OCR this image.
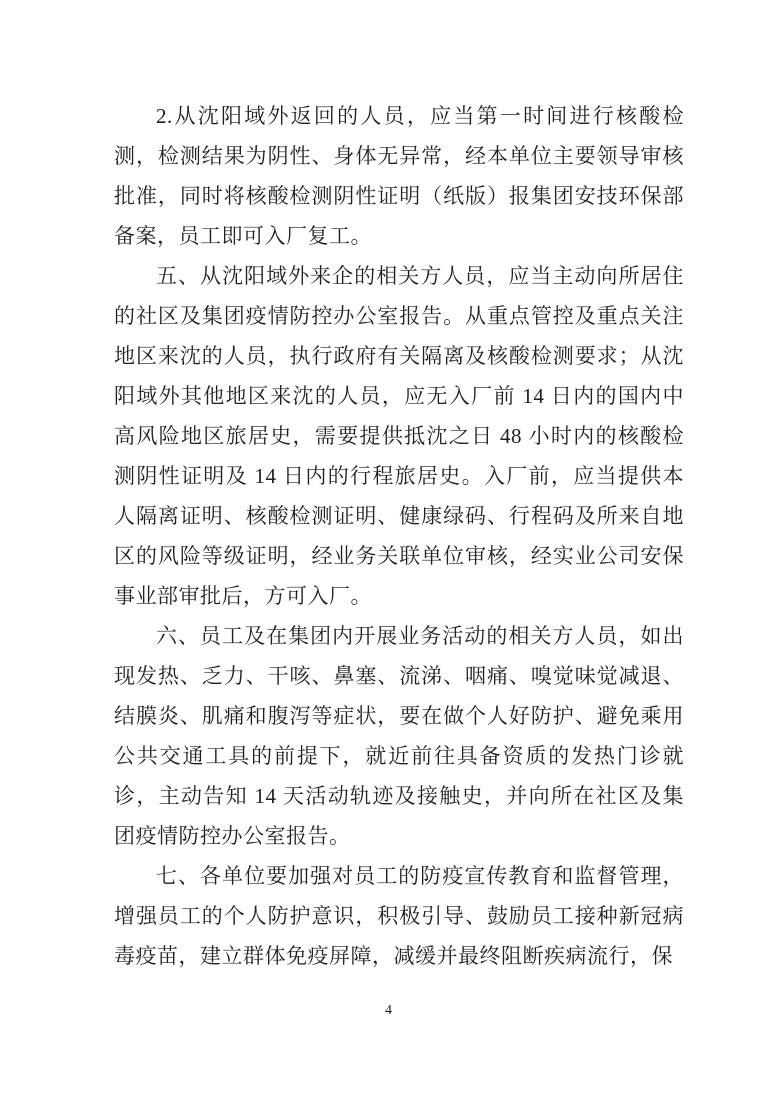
2.从沈阳域外返回的人员，应当第一时间进行核酸检测，检测结果为阴性、身体无异常，经本单位主要领导审核批准，同时将核酸检测阴性证明（纸版）报集团安技环保部备案，员工即可入厂复工。

五、从沈阳域外来企的相关方人员，应当主动向所居住的社区及集团疫情防控办公室报告。从重点管控及重点关注地区来沈的人员，执行政府有关隔离及核酸检测要求；从沈阳域外其他地区来沈的人员，应无入厂前 14 日内的国内中高风险地区旅居史，需要提供抵沈之日 48 小时内的核酸检测阴性证明及 14 日内的行程旅居史。入厂前，应当提供本人隔离证明、核酸检测证明、健康绿码、行程码及所来自地区的风险等级证明，经业务关联单位审核，经实业公司安保事业部审批后，方可入厂。

六、员工及在集团内开展业务活动的相关方人员，如出现发热、乏力、干咳、鼻塞、流涕、咽痛、嗅觉味觉减退、结膜炎、肌痛和腹泻等症状，要在做个人好防护、避免乘用公共交通工具的前提下，就近前往具备资质的发热门诊就诊，主动告知 14 天活动轨迹及接触史，并向所在社区及集团疫情防控办公室报告。

七、各单位要加强对员工的防疫宣传教育和监督管理，增强员工的个人防护意识，积极引导、鼓励员工接种新冠病毒疫苗，建立群体免疫屏障，减缓并最终阻断疾病流行，保

4
